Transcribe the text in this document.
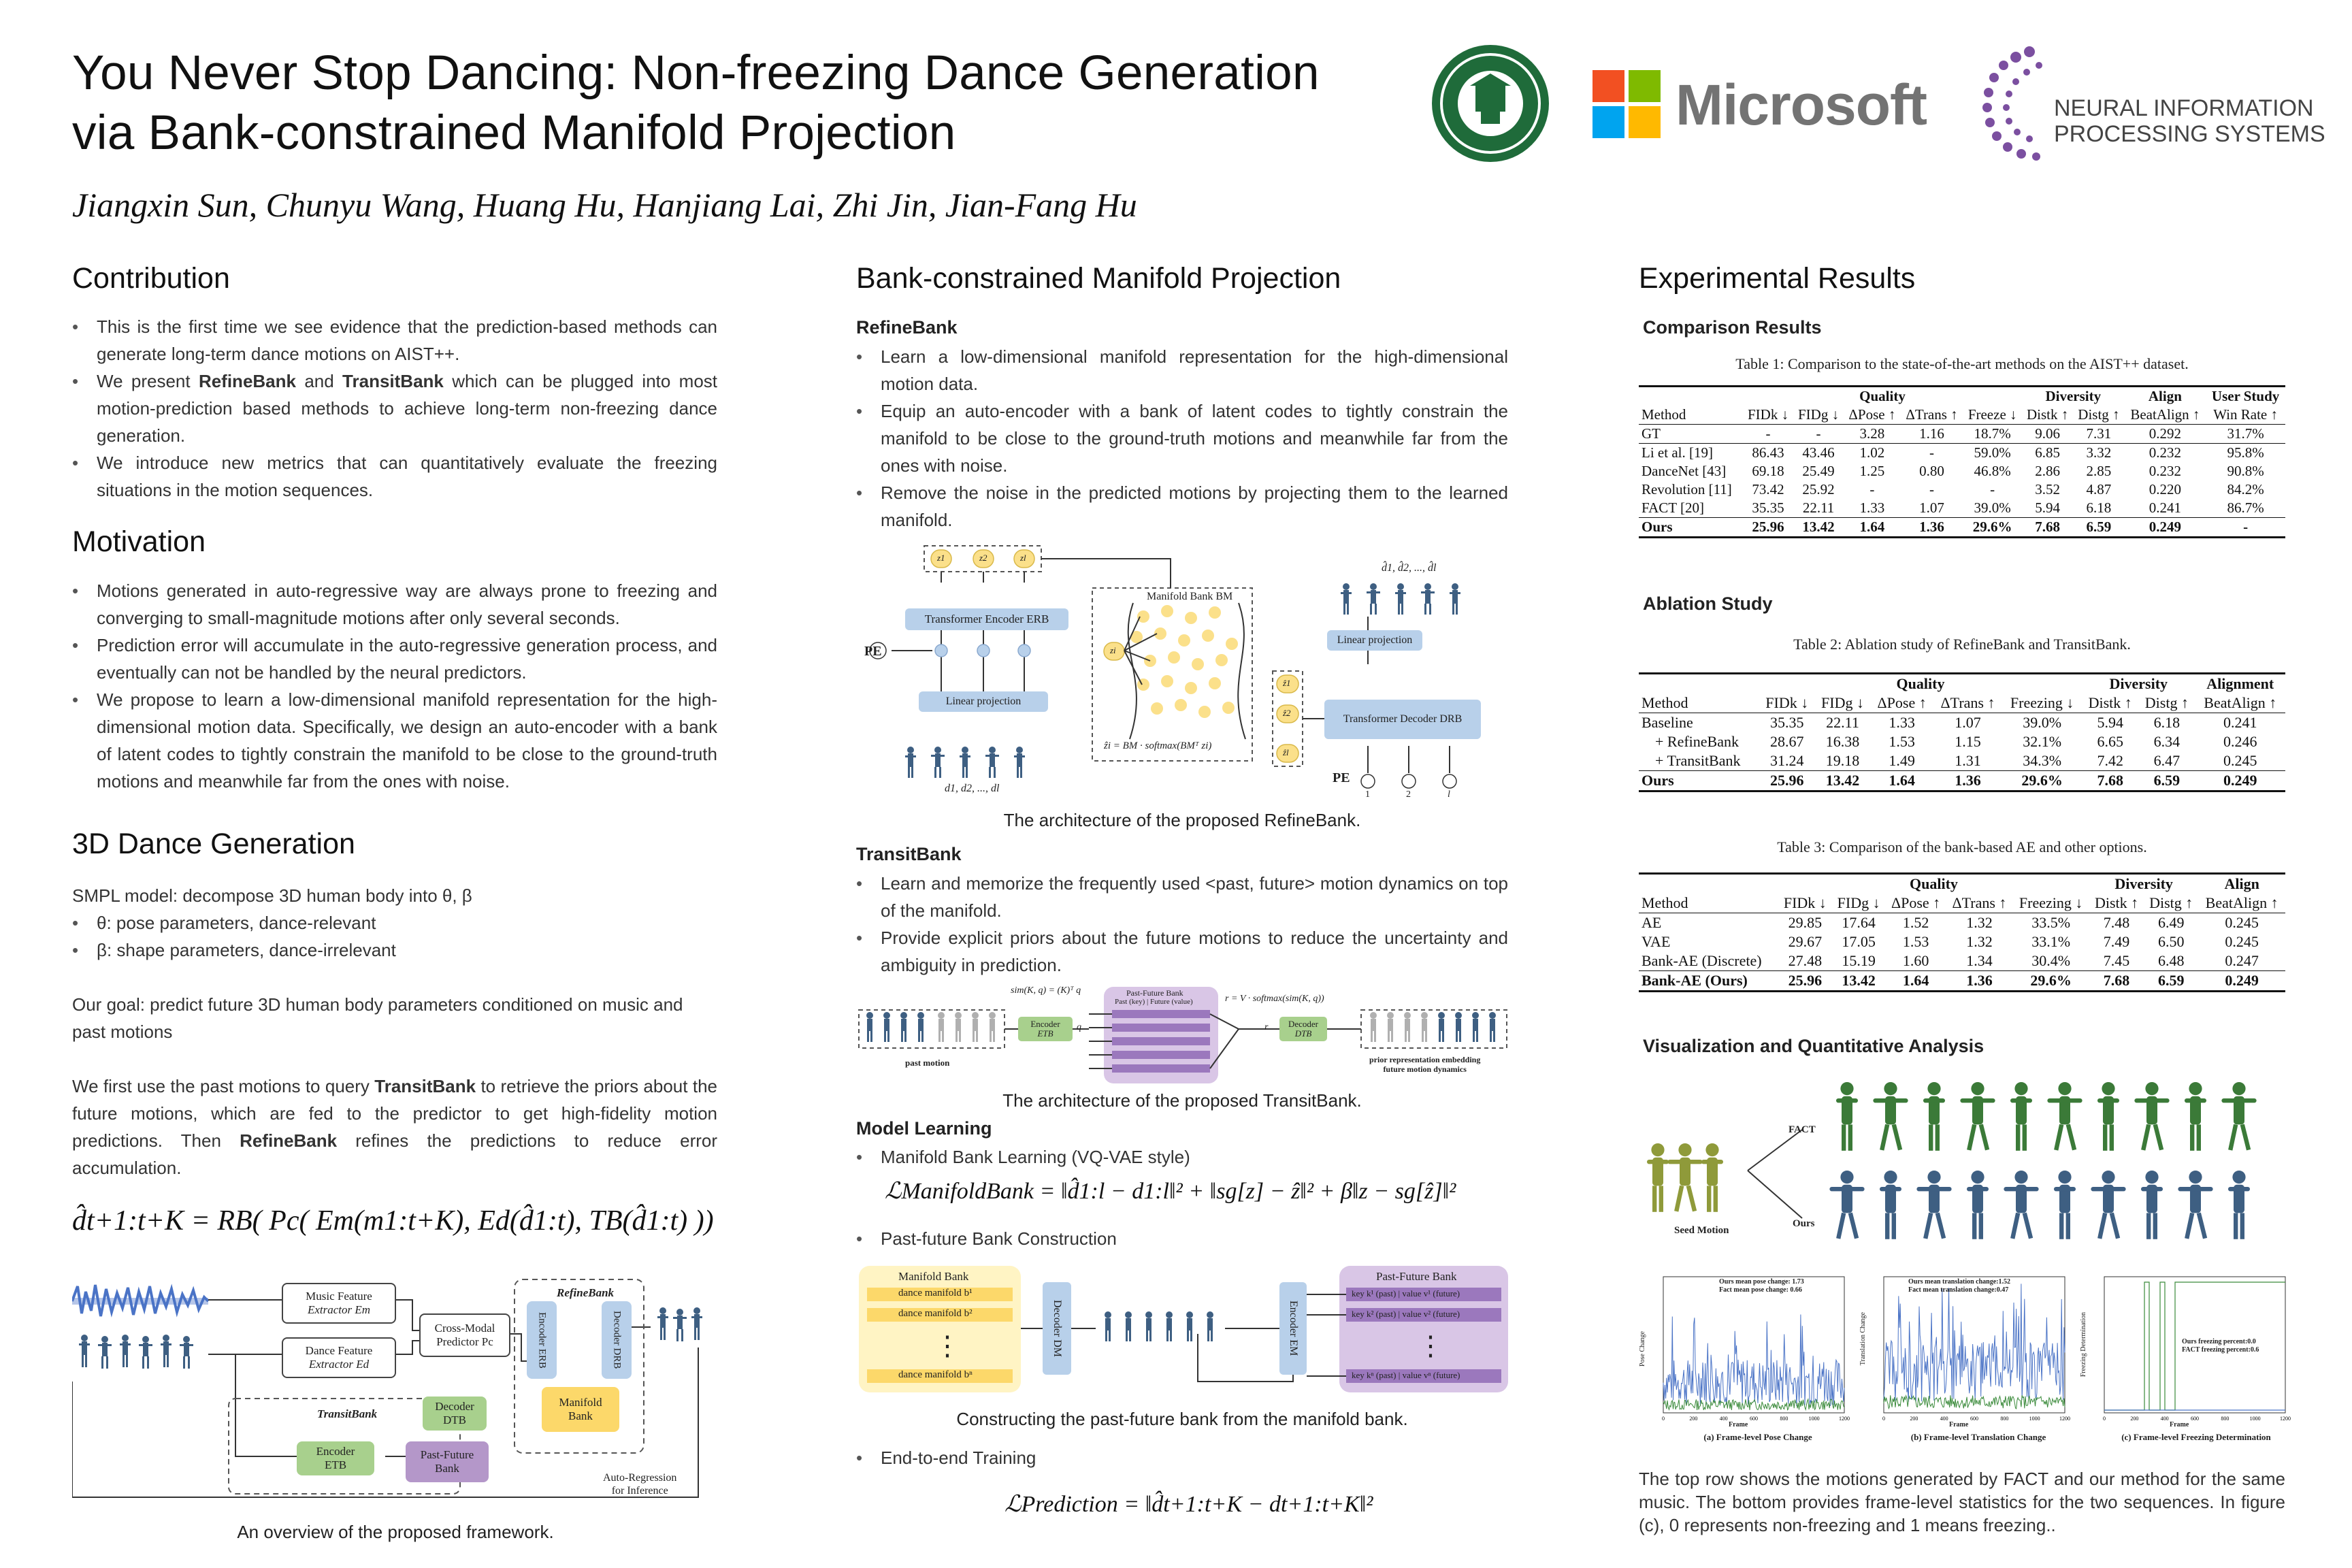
You Never Stop Dancing: Non-freezing Dance Generation
via Bank-constrained Manifold Projection
Jiangxin Sun, Chunyu Wang, Huang Hu, Hanjiang Lai, Zhi Jin, Jian-Fang Hu
Microsoft	NEURAL INFORMATION
PROCESSING SYSTEMS
Contribution
• This is the first time we see evidence that the prediction-based methods can generate long-term dance motions on AIST++.
• We present RefineBank and TransitBank which can be plugged into most motion-prediction based methods to achieve long-term non-freezing dance generation.
• We introduce new metrics that can quantitatively evaluate the freezing situations in the motion sequences.
Motivation
• Motions generated in auto-regressive way are always prone to freezing and converging to small-magnitude motions after only several seconds.
• Prediction error will accumulate in the auto-regressive generation process, and eventually can not be handled by the neural predictors.
• We propose to learn a low-dimensional manifold representation for the high-dimensional motion data. Specifically, we design an auto-encoder with a bank of latent codes to tightly constrain the manifold to be close to the ground-truth motions and meanwhile far from the ones with noise.
3D Dance Generation
SMPL model: decompose 3D human body into θ, β
• θ: pose parameters, dance-relevant
• β: shape parameters, dance-irrelevant
Our goal: predict future 3D human body parameters conditioned on music and past motions
We first use the past motions to query TransitBank to retrieve the priors about the future motions, which are fed to the predictor to get high-fidelity motion predictions. Then RefineBank refines the predictions to reduce error accumulation.
d̂t+1:t+K = RB( Pc( Em(m1:t+K), Ed(d̂1:t), TB(d̂1:t) ))
Music Feature
Extractor Em
Dance Feature
Extractor Ed
Cross-Modal
Predictor Pc
Decoder
DTB
Encoder
ETB
Past-Future
Bank
TransitBank
RefineBank
Encoder ERB	Decoder DRB
Manifold
Bank
Auto-Regression
for Inference
An overview of the proposed framework.
Bank-constrained Manifold Projection
RefineBank
• Learn a low-dimensional manifold representation for the high-dimensional motion data.
• Equip an auto-encoder with a bank of latent codes to tightly constrain the manifold to be close to the ground-truth motions and meanwhile far from the ones with noise.
• Remove the noise in the predicted motions by projecting them to the learned manifold.
Transformer Encoder ERB
Linear projection
PE
Manifold Bank BM
ẑi = BM · softmax(BMᵀ zi)
Transformer Decoder DRB
Linear projection
PE
d1, d2, ..., dl
d̂1, d̂2, ..., d̂l
1	2	l
zi
z1	z2	zl
ẑ1
ẑ2
ẑl
The architecture of the proposed RefineBank.
TransitBank
• Learn and memorize the frequently used <past, future> motion dynamics on top of the manifold.
• Provide explicit priors about the future motions to reduce the uncertainty and ambiguity in prediction.
Encoder
ETB
Decoder
DTB
sim(K, q) = (K)ᵀ q	Past-Future Bank
Past (key) | Future (value)	r = V · softmax(sim(K, q))
q	r
past motion	prior representation embedding
future motion dynamics
The architecture of the proposed TransitBank.
Model Learning
• Manifold Bank Learning (VQ-VAE style)
ℒManifoldBank = ‖d̂1:l − d1:l‖² + ‖sg[z] − ẑ‖² + β‖z − sg[ẑ]‖²
• Past-future Bank Construction
Manifold Bank
dance manifold b¹
dance manifold b²
⋮
dance manifold bⁿ
Decoder DM	Encoder EM
Past-Future Bank
key k¹ (past) | value v¹ (future)
key k² (past) | value v² (future)
⋮
key kⁿ (past) | value vⁿ (future)
Constructing the past-future bank from the manifold bank.
• End-to-end Training
ℒPrediction = ‖d̂t+1:t+K − dt+1:t+K‖²
Experimental Results
Comparison Results
Table 1: Comparison to the state-of-the-art methods on the AIST++ dataset.
	Quality					Diversity		Align	User Study
Method	FIDk ↓	FIDg ↓	ΔPose ↑	ΔTrans ↑	Freeze ↓	Distk ↑	Distg ↑	BeatAlign ↑	Win Rate ↑
GT	-	-	3.28	1.16	18.7%	9.06	7.31	0.292	31.7%
Li et al. [19]	86.43	43.46	1.02	-	59.0%	6.85	3.32	0.232	95.8%
DanceNet [43]	69.18	25.49	1.25	0.80	46.8%	2.86	2.85	0.232	90.8%
Revolution [11]	73.42	25.92	-	-	-	3.52	4.87	0.220	84.2%
FACT [20]	35.35	22.11	1.33	1.07	39.0%	5.94	6.18	0.241	86.7%
Ours	25.96	13.42	1.64	1.36	29.6%	7.68	6.59	0.249	-
Ablation Study
Table 2: Ablation study of RefineBank and TransitBank.
	Quality					Diversity		Alignment
Method	FIDk ↓	FIDg ↓	ΔPose ↑	ΔTrans ↑	Freezing ↓	Distk ↑	Distg ↑	BeatAlign ↑
Baseline	35.35	22.11	1.33	1.07	39.0%	5.94	6.18	0.241
+ RefineBank	28.67	16.38	1.53	1.15	32.1%	6.65	6.34	0.246
+ TransitBank	31.24	19.18	1.49	1.31	34.3%	7.42	6.47	0.245
Ours	25.96	13.42	1.64	1.36	29.6%	7.68	6.59	0.249
Table 3: Comparison of the bank-based AE and other options.
	Quality					Diversity		Align
Method	FIDk ↓	FIDg ↓	ΔPose ↑	ΔTrans ↑	Freezing ↓	Distk ↑	Distg ↑	BeatAlign ↑
AE	29.85	17.64	1.52	1.32	33.5%	7.48	6.49	0.245
VAE	29.67	17.05	1.53	1.32	33.1%	7.49	6.50	0.245
Bank-AE (Discrete)	27.48	15.19	1.60	1.34	30.4%	7.45	6.48	0.247
Bank-AE (Ours)	25.96	13.42	1.64	1.36	29.6%	7.68	6.59	0.249
Visualization and Quantitative Analysis
FACT
Ours
Seed Motion
0	200	400	600	800	1000	1200
Pose Change
Frame
Ours mean pose change: 1.73
Fact mean pose change: 0.66
(a) Frame-level Pose Change
0	200	400	600	800	1000	1200
Translation Change
Frame
Ours mean translation change:1.52
Fact mean translation change:0.47
(b) Frame-level Translation Change
0	200	400	600	800	1000	1200
Freezing Determination
Frame
Ours freezing percent:0.0
FACT freezing percent:0.6
(c) Frame-level Freezing Determination
The top row shows the motions generated by FACT and our method for the same music. The bottom provides frame-level statistics for the two sequences. In figure (c), 0 represents non-freezing and 1 means freezing..
